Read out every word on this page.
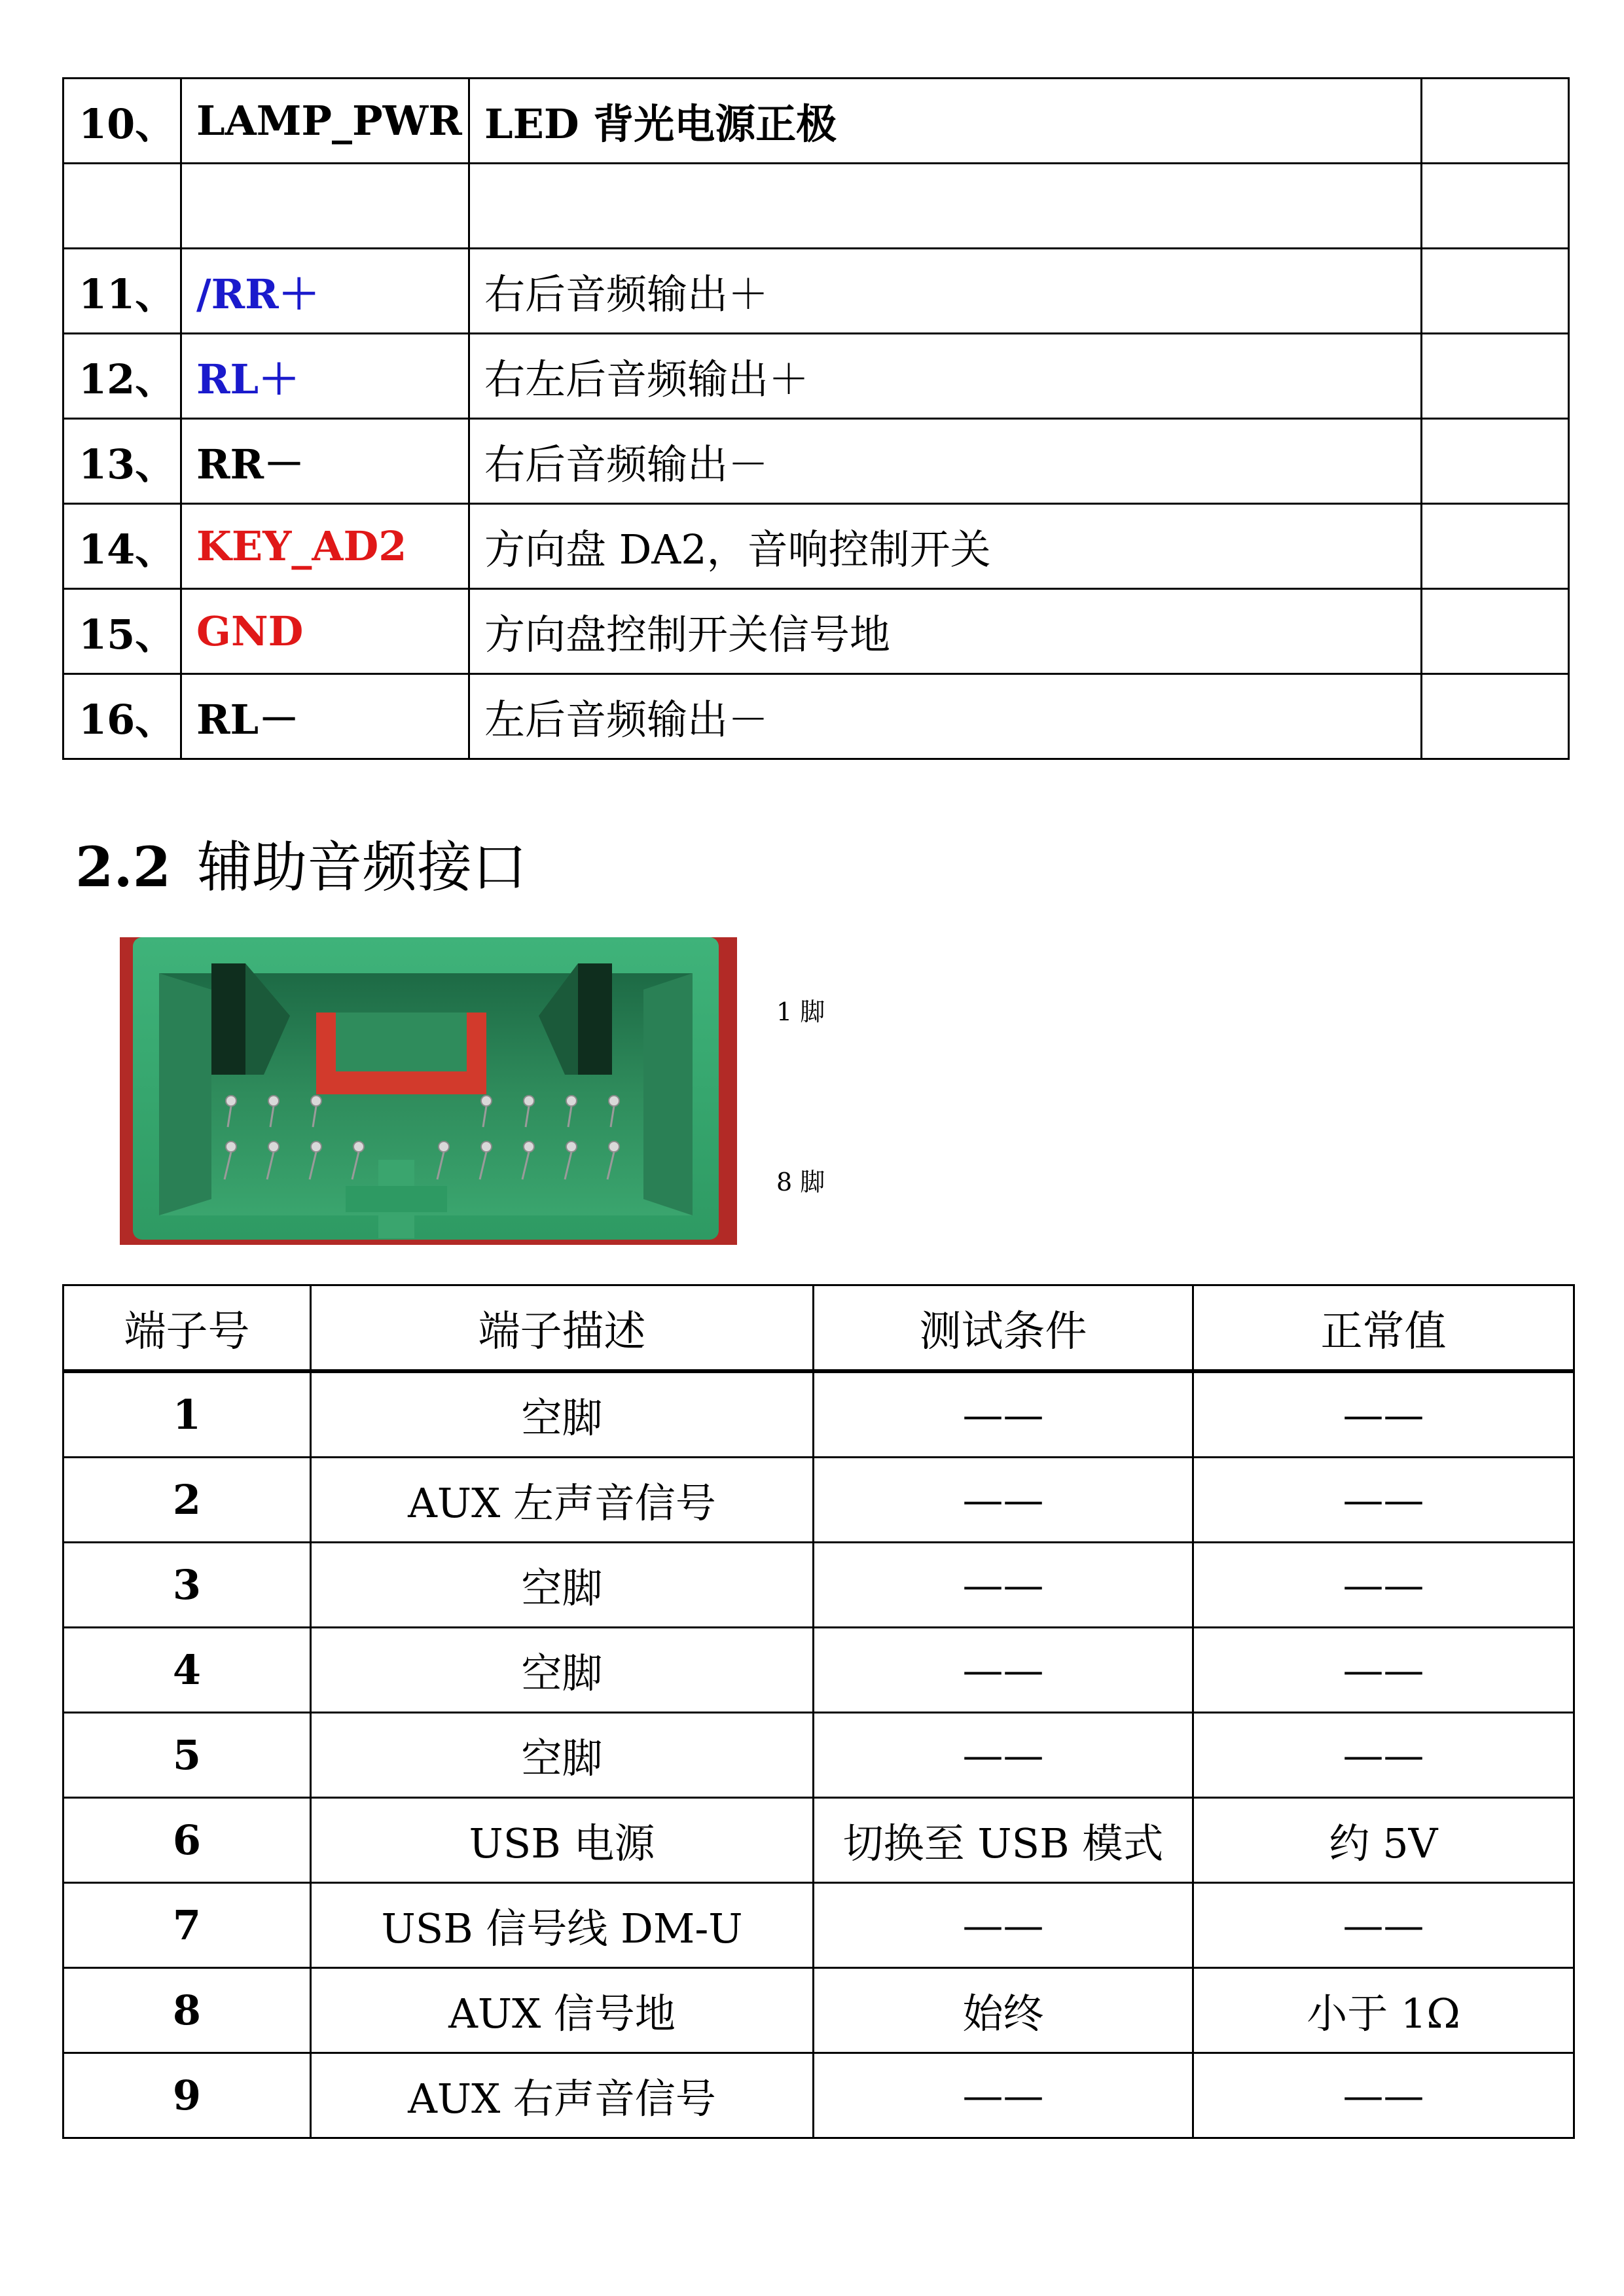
10、	LAMP_PWR	LED 背光电源正极	

11、	/RR＋	右后音频输出＋	
12、	RL＋	右左后音频输出＋	
13、	RR－	右后音频输出－	
14、	KEY_AD2	方向盘 DA2，音响控制开关	
15、	GND	方向盘控制开关信号地	
16、	RL－	左后音频输出－	
2.2 辅助音频接口
1 脚
8 脚
端子号	端子描述	测试条件	正常值
1	空脚	——	——
2	AUX 左声音信号	——	——
3	空脚	——	——
4	空脚	——	——
5	空脚	——	——
6	USB 电源	切换至 USB 模式	约 5V
7	USB 信号线 DM-U	——	——
8	AUX 信号地	始终	小于 1Ω
9	AUX 右声音信号	——	——
